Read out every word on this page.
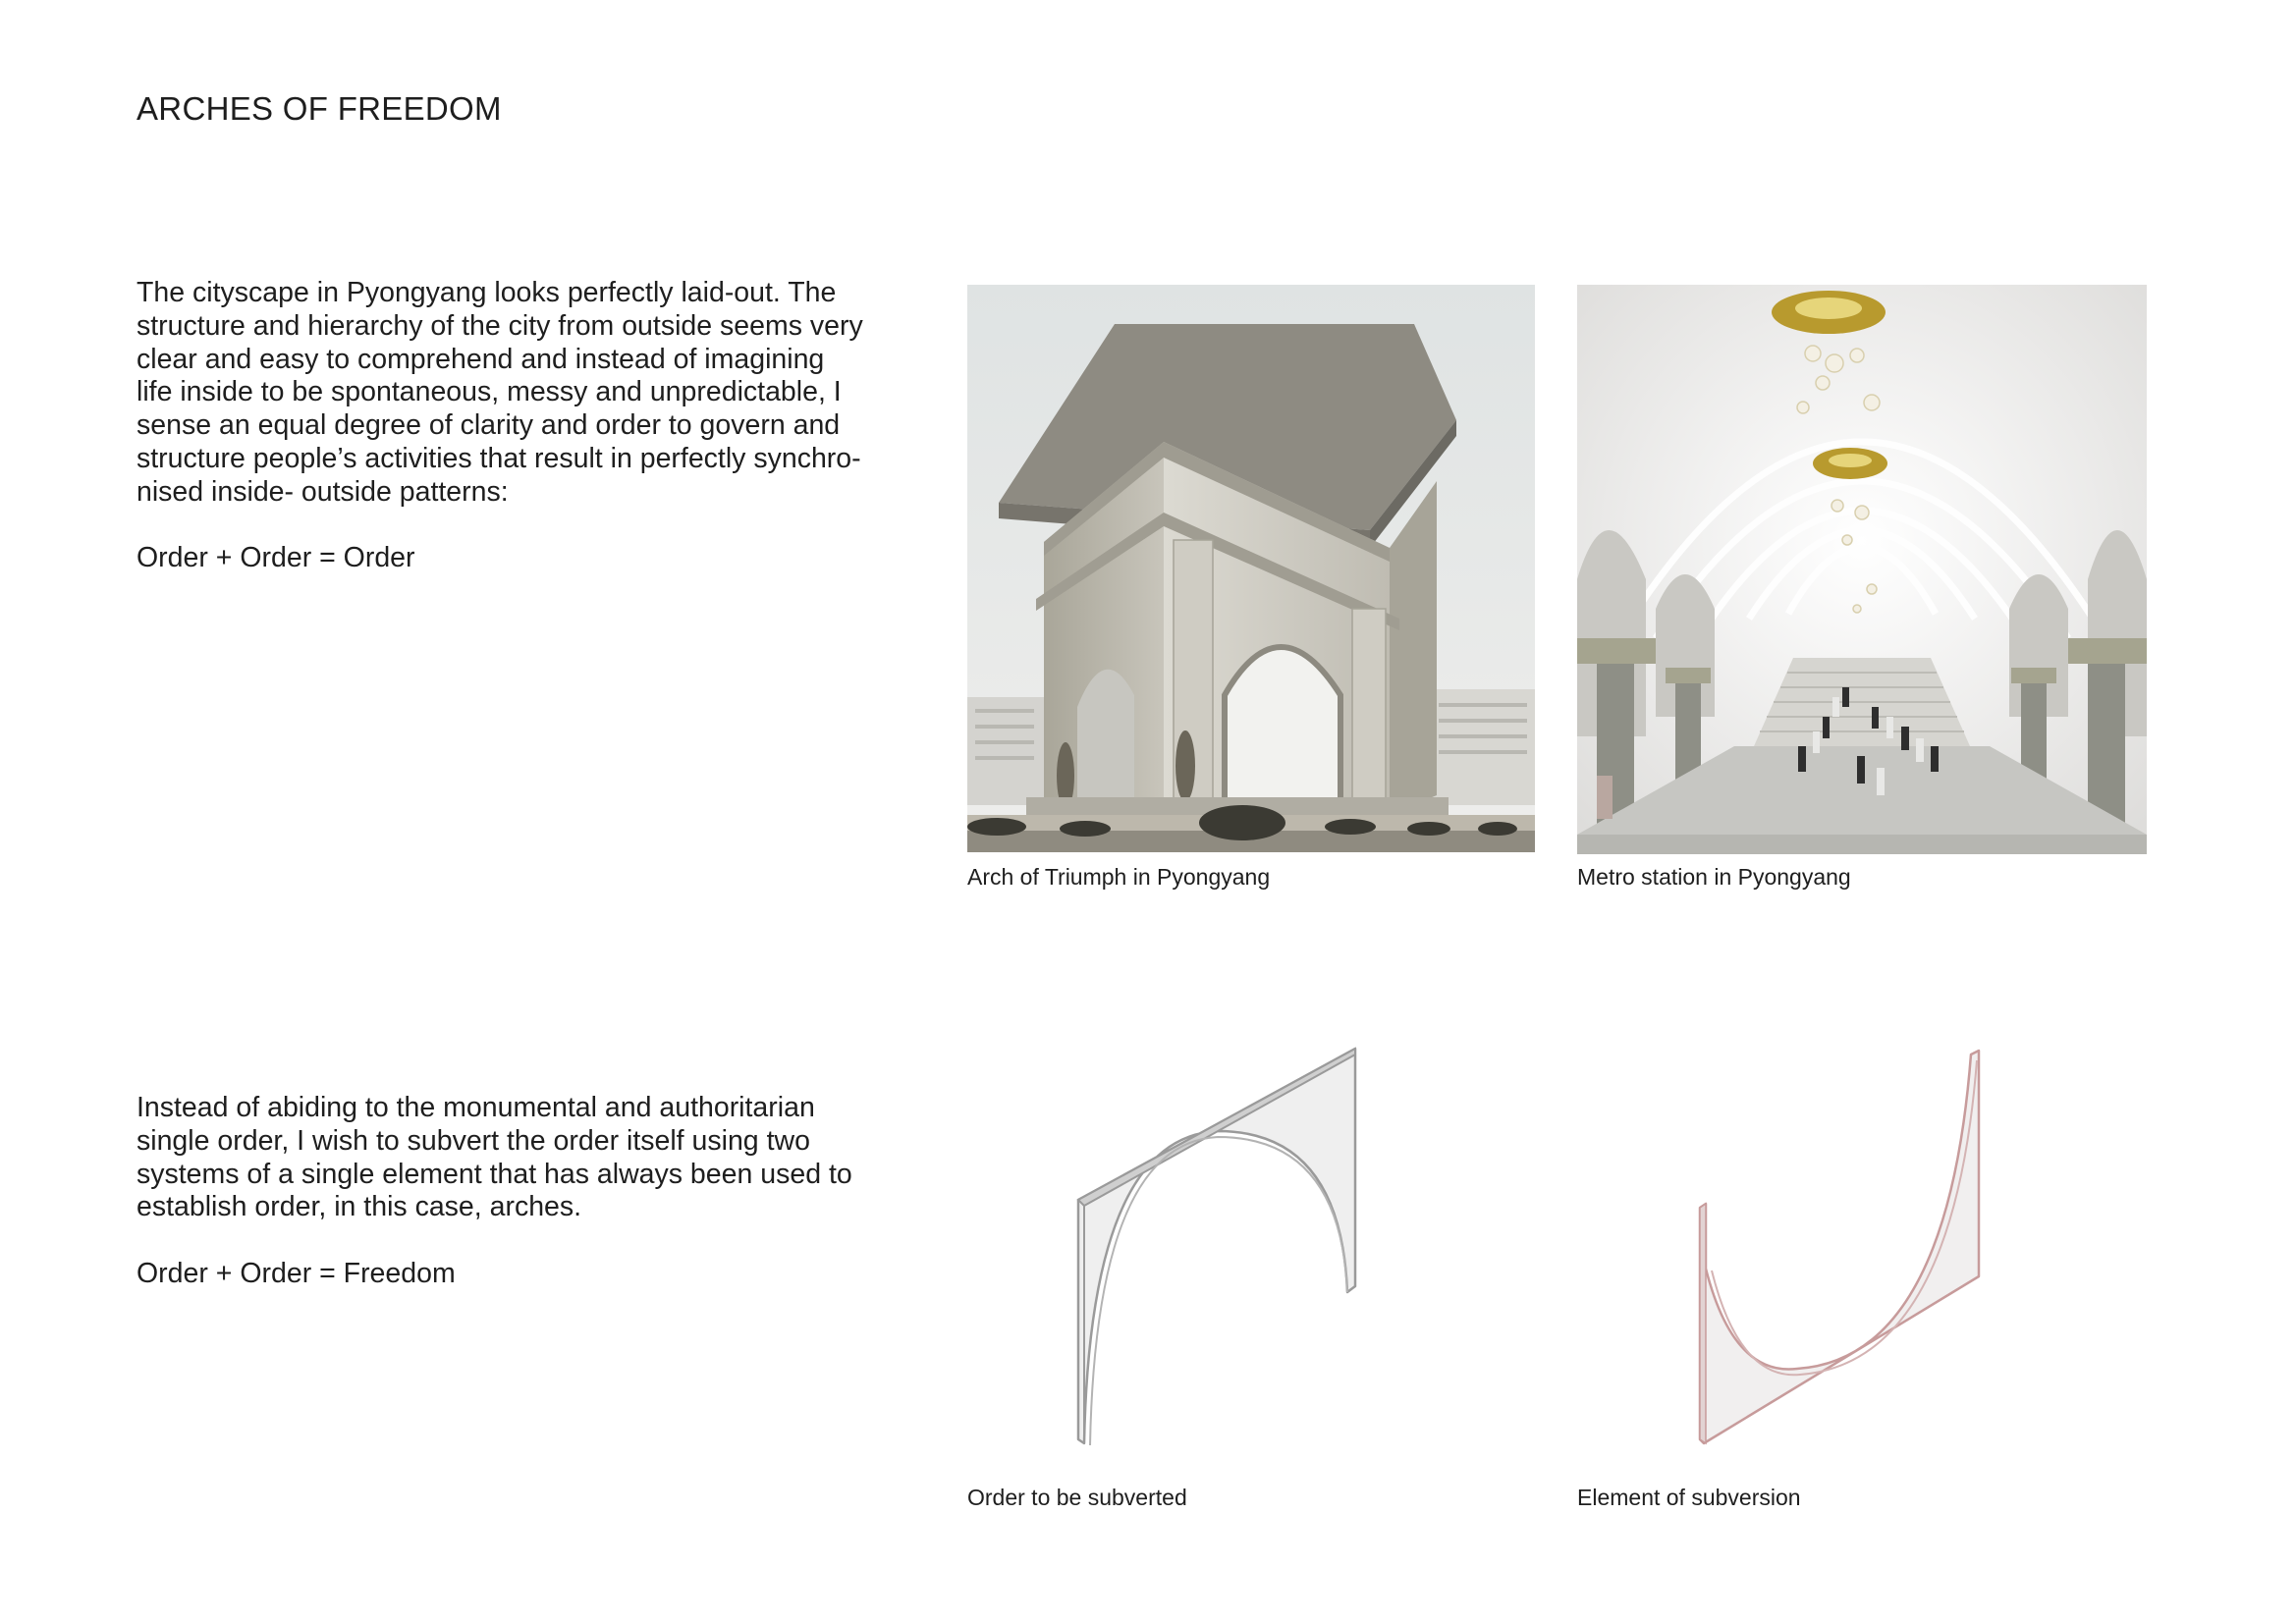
ARCHES OF FREEDOM

The cityscape in Pyongyang looks perfectly laid-out. The
structure and hierarchy of the city from outside seems very
clear and easy to comprehend and instead of imagining
life inside to be spontaneous, messy and unpredictable, I
sense an equal degree of clarity and order to govern and
structure people’s activities that result in perfectly synchro-
nised inside- outside patterns:

Order + Order = Order

Instead of abiding to the monumental and authoritarian
single order, I wish to subvert the order itself using two
systems of a single element that has always been used to
establish order, in this case, arches.

Order + Order = Freedom

Arch of Triumph in Pyongyang	Metro station in Pyongyang
Order to be subverted	Element of subversion
